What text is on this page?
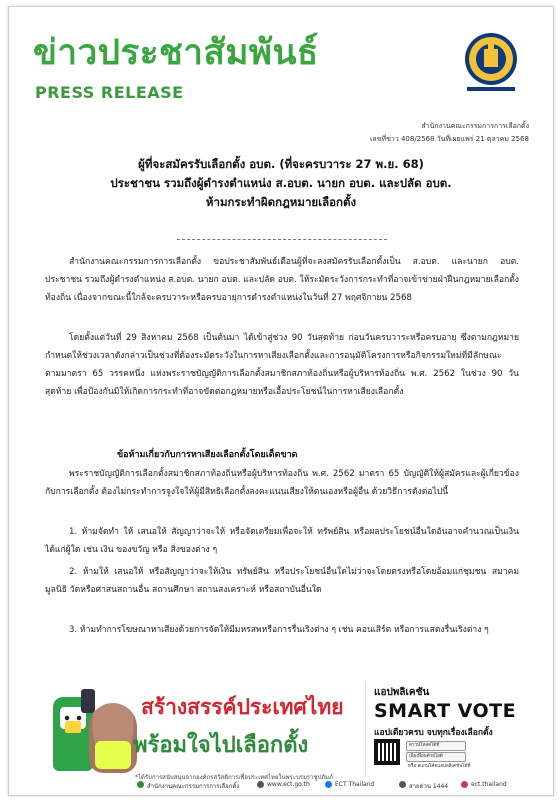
ข่าวประชาสัมพันธ์
PRESS RELEASE
สำนักงานคณะกรรมการการเลือกตั้ง
เลขที่ข่าว 408/2568 วันที่เผยแพร่ 21 ตุลาคม 2568
ผู้ที่จะสมัครรับเลือกตั้ง อบต. (ที่จะครบวาระ 27 พ.ย. 68)
ประชาชน รวมถึงผู้ดำรงตำแหน่ง ส.อบต. นายก อบต. และปลัด อบต.
ห้ามกระทำผิดกฎหมายเลือกตั้ง
สำนักงานคณะกรรมการการเลือกตั้ง ขอประชาสัมพันธ์เตือนผู้ที่จะลงสมัครรับเลือกตั้งเป็น ส.อบต. และนายก อบต. ประชาชน รวมถึงผู้ดำรงตำแหน่ง ส.อบต. นายก อบต. และปลัด อบต. ให้ระมัดระวังการกระทำที่อาจเข้าข่ายฝ่าฝืนกฎหมายเลือกตั้งท้องถิ่น เนื่องจากขณะนี้ใกล้จะครบวาระหรือครบอายุการดำรงตำแหน่งในวันที่ 27 พฤศจิกายน 2568
โดยตั้งแต่วันที่ 29 สิงหาคม 2568 เป็นต้นมา ได้เข้าสู่ช่วง 90 วันสุดท้าย ก่อนวันครบวาระหรือครบอายุ ซึ่งตามกฎหมายกำหนดให้ช่วงเวลาดังกล่าวเป็นช่วงที่ต้องระมัดระวังในการหาเสียงเลือกตั้งและการอนุมัติโครงการหรือกิจกรรมใหม่ที่มีลักษณะ ตามมาตรา 65 วรรคหนึ่ง แห่งพระราชบัญญัติการเลือกตั้งสมาชิกสภาท้องถิ่นหรือผู้บริหารท้องถิ่น พ.ศ. 2562 ในช่วง 90 วันสุดท้าย เพื่อป้องกันมิให้เกิดการกระทำที่อาจขัดต่อกฎหมายหรือเอื้อประโยชน์ในการหาเสียงเลือกตั้ง
ข้อห้ามเกี่ยวกับการหาเสียงเลือกตั้งโดยเด็ดขาด
พระราชบัญญัติการเลือกตั้งสมาชิกสภาท้องถิ่นหรือผู้บริหารท้องถิ่น พ.ศ. 2562 มาตรา 65 บัญญัติให้ผู้สมัครและผู้เกี่ยวข้องกับการเลือกตั้ง ต้องไม่กระทำการจูงใจให้ผู้มีสิทธิเลือกตั้งลงคะแนนเสียงให้ตนเองหรือผู้อื่น ด้วยวิธีการดังต่อไปนี้
1. ห้ามจัดทำ ให้ เสนอให้ สัญญาว่าจะให้ หรือจัดเตรียมเพื่อจะให้ ทรัพย์สิน หรือผลประโยชน์อื่นใดอันอาจคำนวณเป็นเงินได้แก่ผู้ใด เช่น เงิน ของขวัญ หรือ สิ่งของต่าง ๆ
2. ห้ามให้ เสนอให้ หรือสัญญาว่าจะให้เงิน ทรัพย์สิน หรือประโยชน์อื่นใดไม่ว่าจะโดยตรงหรือโดยอ้อมแก่ชุมชน สมาคม มูลนิธิ วัดหรือศาสนสถานอื่น สถานศึกษา สถานสงเคราะห์ หรือสถาบันอื่นใด
3. ห้ามทำการโฆษณาหาเสียงด้วยการจัดให้มีมหรสพหรือการรื่นเริงต่าง ๆ เช่น คอนเสิร์ต หรือการแสดงรื่นเริงต่าง ๆ
สร้างสรรค์ประเทศไทย
พร้อมใจไปเลือกตั้ง
*ได้รับการสนับสนุนจากองค์กรสวัสดิการเพื่อประเทศไทยในพระบรมราชูปถัมภ์
แอปพลิเคชัน
SMART VOTE
แอปเดียวครบ จบทุกเรื่องเลือกตั้ง
ดาวน์โหลดได้ที่
เพิ่มเพื่อนด้วยไอดี
หรือ สแกนโค้ดแอปพลิเคชันได้ที่
สำนักงานคณะกรรมการการเลือกตั้ง	www.ect.go.th	ECT Thailand	สายด่วน 1444	ect.thailand
